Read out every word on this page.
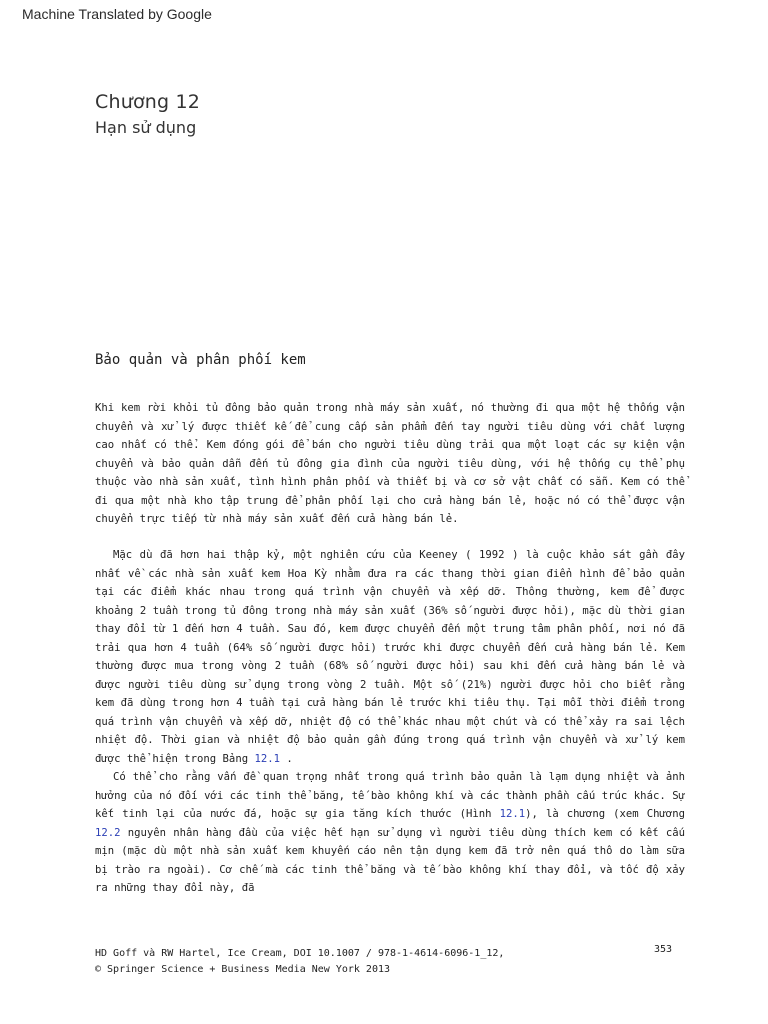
Machine Translated by Google
Chương 12
Hạn sử dụng
Bảo quản và phân phối kem

Khi kem rời khỏi tủ đông bảo quản trong nhà máy sản xuất, nó thường đi qua một hệ thống vận chuyển và xử lý được thiết kế để cung cấp sản phẩm đến tay người tiêu dùng với chất lượng cao nhất có thể. Kem đóng gói để bán cho người tiêu dùng trải qua một loạt các sự kiện vận chuyển và bảo quản dẫn đến tủ đông gia đình của người tiêu dùng, với hệ thống cụ thể phụ thuộc vào nhà sản xuất, tình hình phân phối và thiết bị và cơ sở vật chất có sẵn. Kem có thể đi qua một nhà kho tập trung để phân phối lại cho cửa hàng bán lẻ, hoặc nó có thể được vận chuyển trực tiếp từ nhà máy sản xuất đến cửa hàng bán lẻ.

Mặc dù đã hơn hai thập kỷ, một nghiên cứu của Keeney ( 1992 ) là cuộc khảo sát gần đây nhất về các nhà sản xuất kem Hoa Kỳ nhằm đưa ra các thang thời gian điển hình để bảo quản tại các điểm khác nhau trong quá trình vận chuyển và xếp dỡ. Thông thường, kem để được khoảng 2 tuần trong tủ đông trong nhà máy sản xuất (36% số người được hỏi), mặc dù thời gian thay đổi từ 1 đến hơn 4 tuần. Sau đó, kem được chuyển đến một trung tâm phân phối, nơi nó đã trải qua hơn 4 tuần (64% số người được hỏi) trước khi được chuyển đến cửa hàng bán lẻ. Kem thường được mua trong vòng 2 tuần (68% số người được hỏi) sau khi đến cửa hàng bán lẻ và được người tiêu dùng sử dụng trong vòng 2 tuần. Một số (21%) người được hỏi cho biết rằng kem đã dùng trong hơn 4 tuần tại cửa hàng bán lẻ trước khi tiêu thụ. Tại mỗi thời điểm trong quá trình vận chuyển và xếp dỡ, nhiệt độ có thể khác nhau một chút và có thể xảy ra sai lệch nhiệt độ. Thời gian và nhiệt độ bảo quản gần đúng trong quá trình vận chuyển và xử lý kem được thể hiện trong Bảng 12.1 .

Có thể cho rằng vấn đề quan trọng nhất trong quá trình bảo quản là lạm dụng nhiệt và ảnh hưởng của nó đối với các tinh thể băng, tế bào không khí và các thành phần cấu trúc khác. Sự kết tinh lại của nước đá, hoặc sự gia tăng kích thước (Hình 12.1), là chương (xem Chương 12.2 nguyên nhân hàng đầu của việc hết hạn sử dụng vì người tiêu dùng thích kem có kết cấu mịn (mặc dù một nhà sản xuất kem khuyến cáo nên tận dụng kem đã trở nên quá thô do làm sữa bị trào ra ngoài). Cơ chế mà các tinh thể băng và tế bào không khí thay đổi, và tốc độ xảy ra những thay đổi này, đã

HD Goff và RW Hartel, Ice Cream, DOI 10.1007 / 978-1-4614-6096-1_12,
© Springer Science + Business Media New York 2013
353
